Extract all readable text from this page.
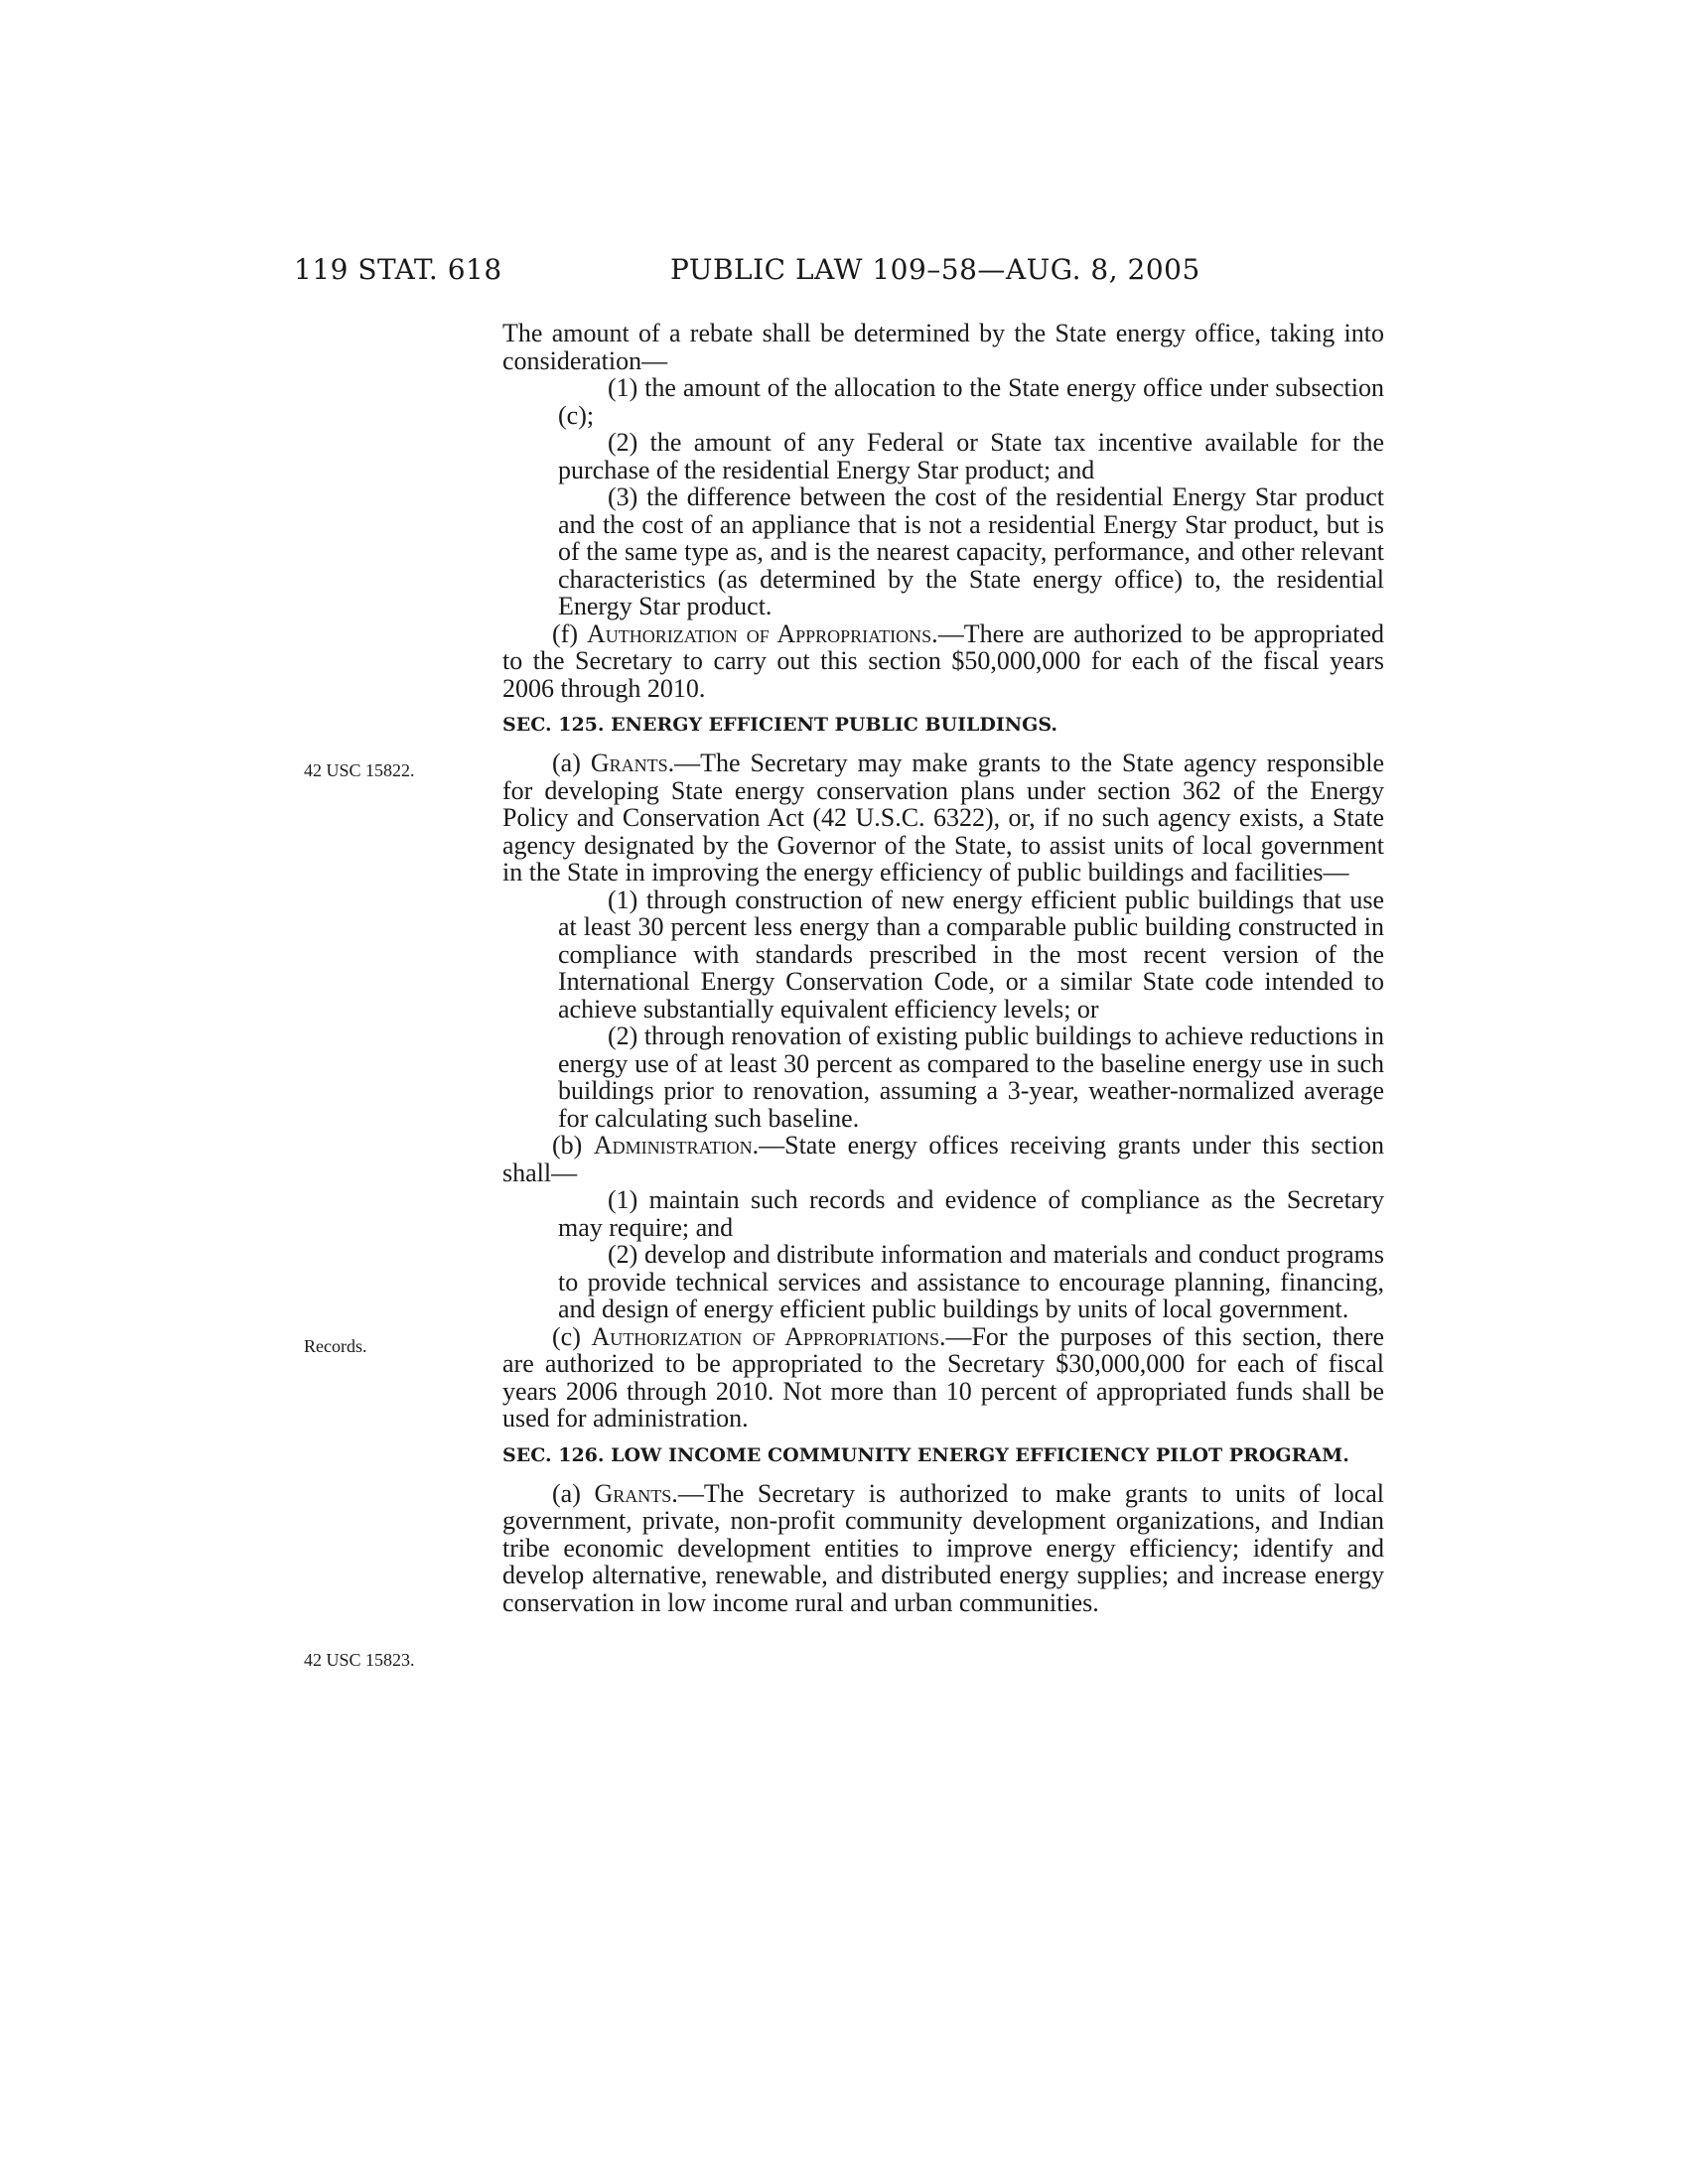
119 STAT. 618	PUBLIC LAW 109–58—AUG. 8, 2005
42 USC 15822.
Records.
42 USC 15823.

The amount of a rebate shall be determined by the State energy office, taking into consideration—

(1) the amount of the allocation to the State energy office under subsection (c);

(2) the amount of any Federal or State tax incentive available for the purchase of the residential Energy Star product; and

(3) the difference between the cost of the residential Energy Star product and the cost of an appliance that is not a residential Energy Star product, but is of the same type as, and is the nearest capacity, performance, and other relevant characteristics (as determined by the State energy office) to, the residential Energy Star product.

(f) Authorization of Appropriations.—There are authorized to be appropriated to the Secretary to carry out this section $50,000,000 for each of the fiscal years 2006 through 2010.

SEC. 125. ENERGY EFFICIENT PUBLIC BUILDINGS.

(a) Grants.—The Secretary may make grants to the State agency responsible for developing State energy conservation plans under section 362 of the Energy Policy and Conservation Act (42 U.S.C. 6322), or, if no such agency exists, a State agency designated by the Governor of the State, to assist units of local government in the State in improving the energy efficiency of public buildings and facilities—

(1) through construction of new energy efficient public buildings that use at least 30 percent less energy than a comparable public building constructed in compliance with standards prescribed in the most recent version of the International Energy Conservation Code, or a similar State code intended to achieve substantially equivalent efficiency levels; or

(2) through renovation of existing public buildings to achieve reductions in energy use of at least 30 percent as compared to the baseline energy use in such buildings prior to renovation, assuming a 3-year, weather-normalized average for calculating such baseline.

(b) Administration.—State energy offices receiving grants under this section shall—

(1) maintain such records and evidence of compliance as the Secretary may require; and

(2) develop and distribute information and materials and conduct programs to provide technical services and assistance to encourage planning, financing, and design of energy efficient public buildings by units of local government.

(c) Authorization of Appropriations.—For the purposes of this section, there are authorized to be appropriated to the Secretary $30,000,000 for each of fiscal years 2006 through 2010. Not more than 10 percent of appropriated funds shall be used for administration.

SEC. 126. LOW INCOME COMMUNITY ENERGY EFFICIENCY PILOT PROGRAM.

(a) Grants.—The Secretary is authorized to make grants to units of local government, private, non-profit community development organizations, and Indian tribe economic development entities to improve energy efficiency; identify and develop alternative, renewable, and distributed energy supplies; and increase energy conservation in low income rural and urban communities.
